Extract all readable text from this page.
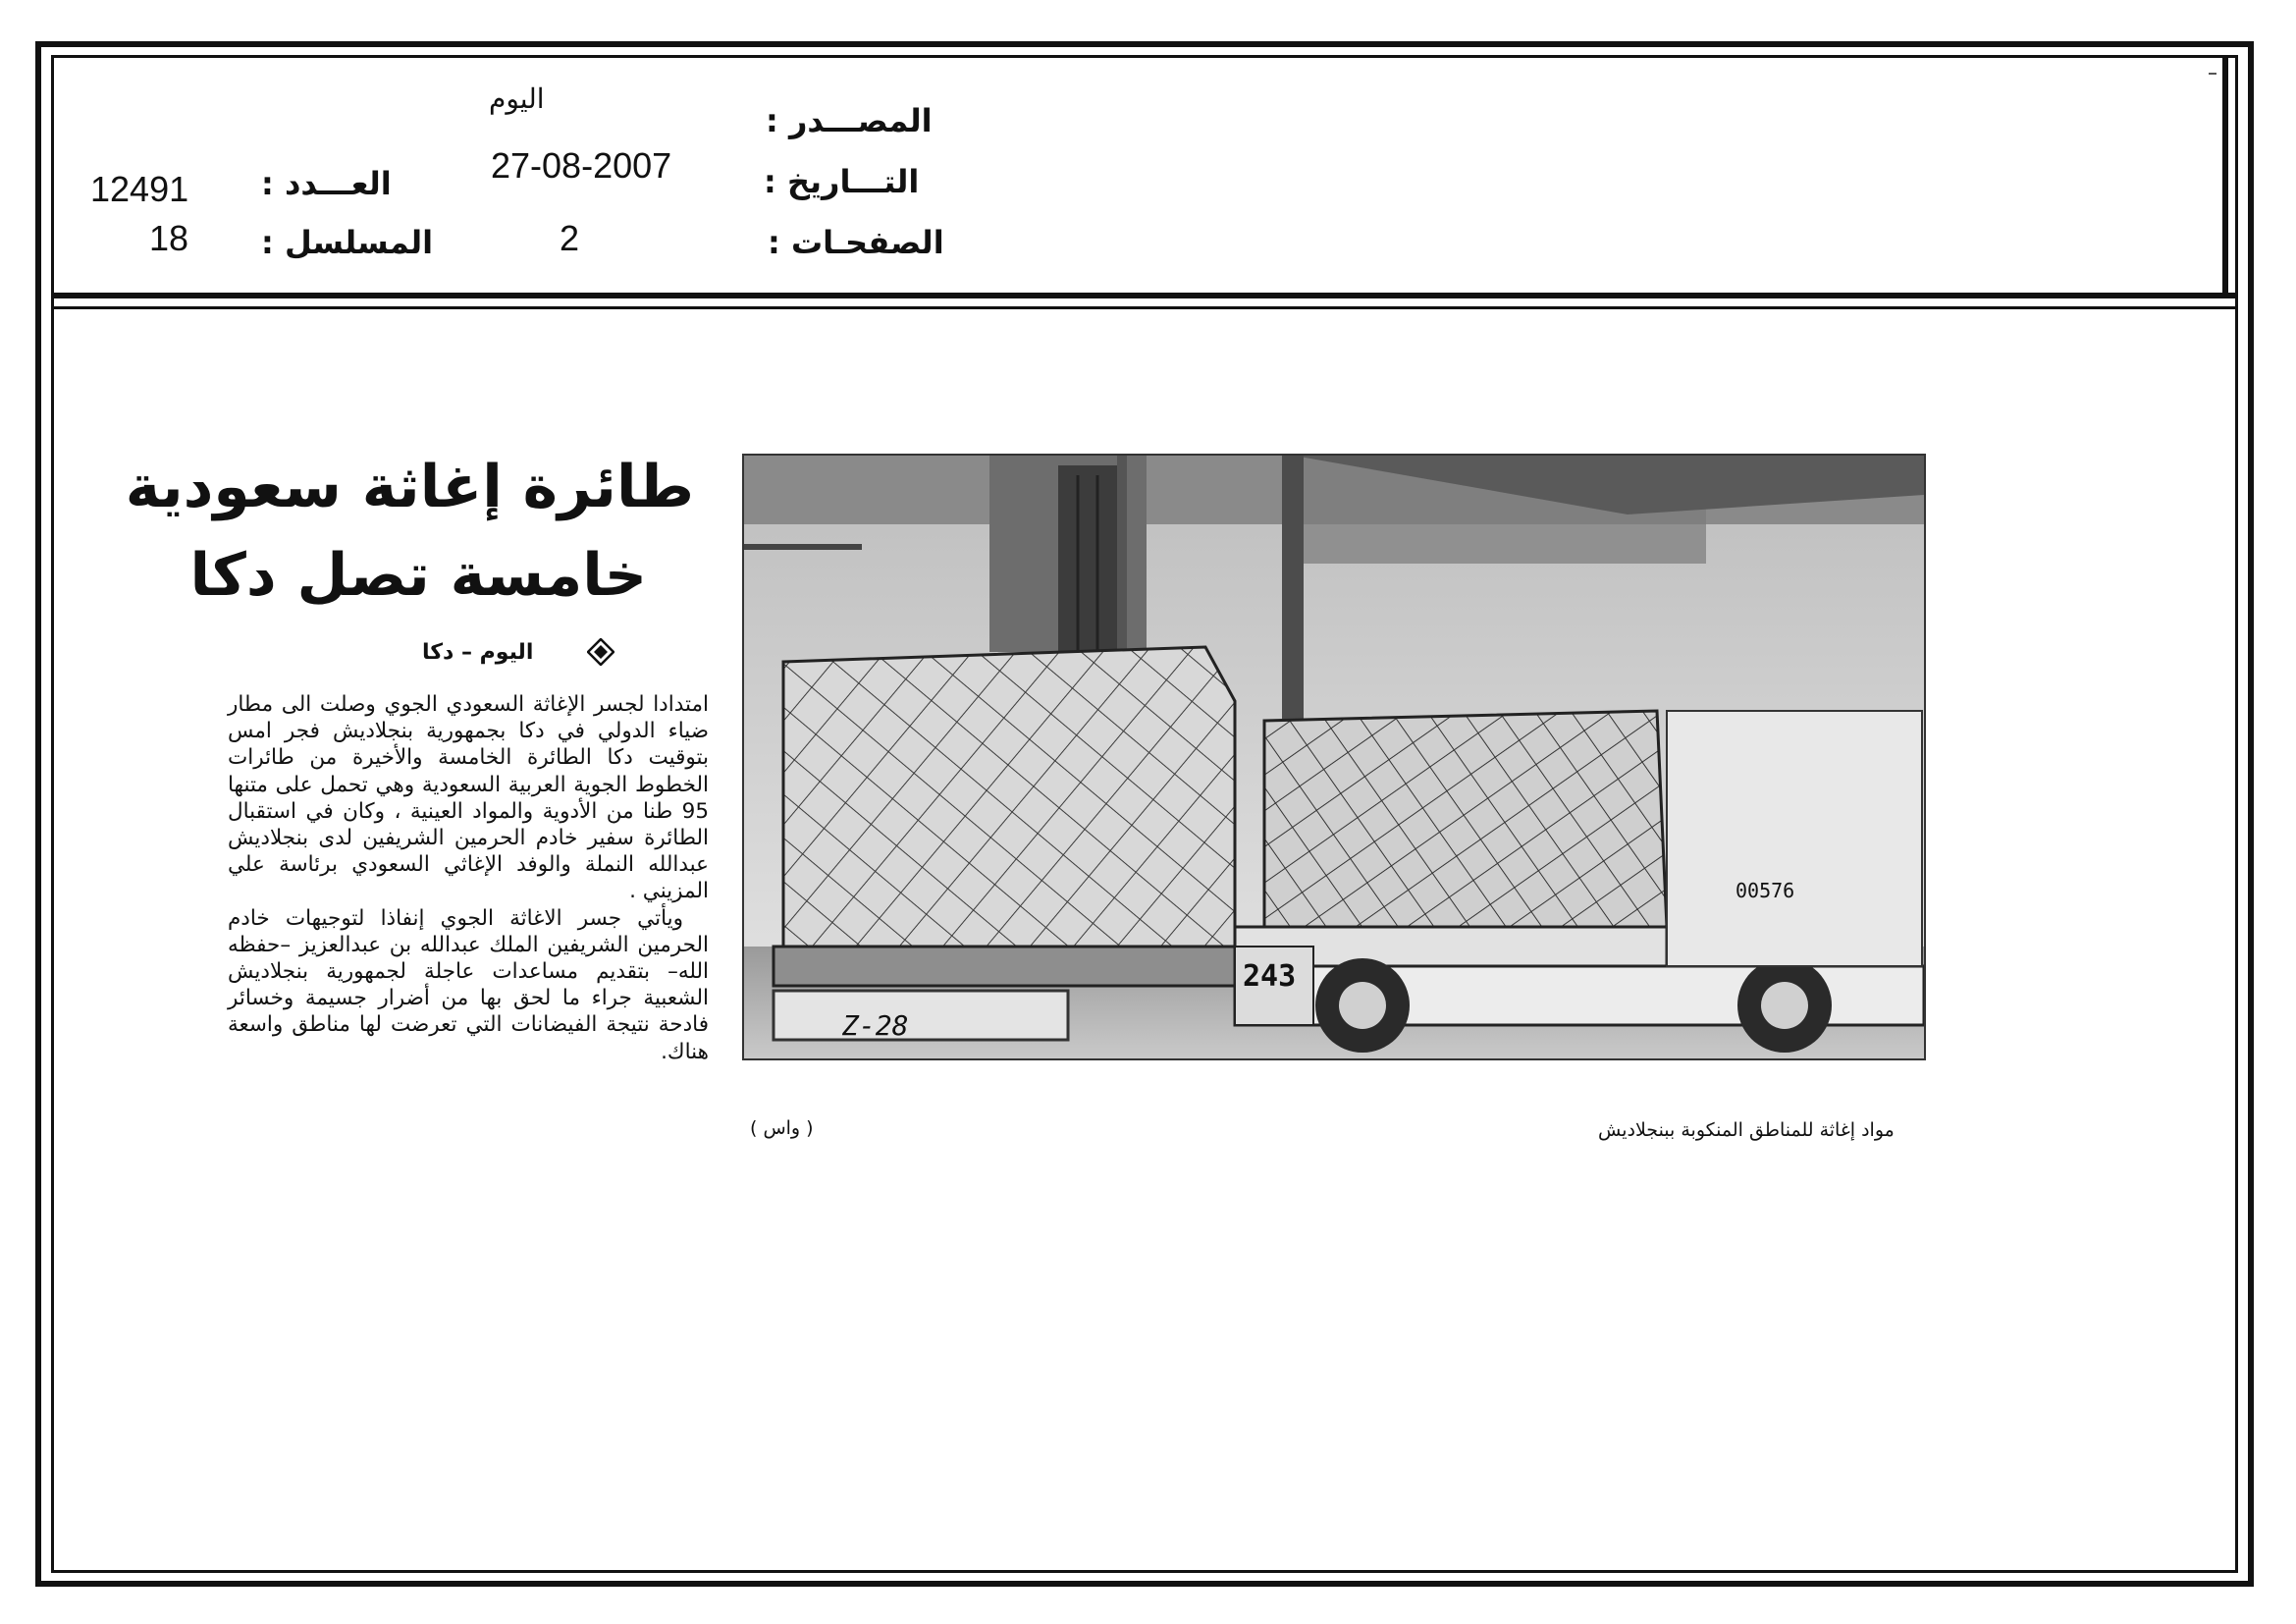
اليوم
المصـــدر :
27-08-2007	التـــاريخ :
2	الصفحـات :
12491 العـــدد :
18 المسلسل :
طائرة إغاثة سعودية
خامسة تصل دكا
اليوم – دكا

امتدادا لجسر الإغاثة السعودي الجوي وصلت الى مطار ضياء الدولي في دكا بجمهورية بنجلاديش فجر امس بتوقيت دكا الطائرة الخامسة والأخيرة من طائرات الخطوط الجوية العربية السعودية وهي تحمل على متنها 95 طنا من الأدوية والمواد العينية ، وكان في استقبال الطائرة سفير خادم الحرمين الشريفين لدى بنجلاديش عبدالله النملة والوفد الإغاثي السعودي برئاسة علي المزيني .

ويأتي جسر الاغاثة الجوي إنفاذا لتوجيهات خادم الحرمين الشريفين الملك عبدالله بن عبدالعزيز –حفظه الله– بتقديم مساعدات عاجلة لجمهورية بنجلاديش الشعبية جراء ما لحق بها من أضرار جسيمة وخسائر فادحة نتيجة الفيضانات التي تعرضت لها مناطق واسعة هناك.

243
00576
Z-28
مواد إغاثة للمناطق المنكوبة ببنجلاديش
( واس )
